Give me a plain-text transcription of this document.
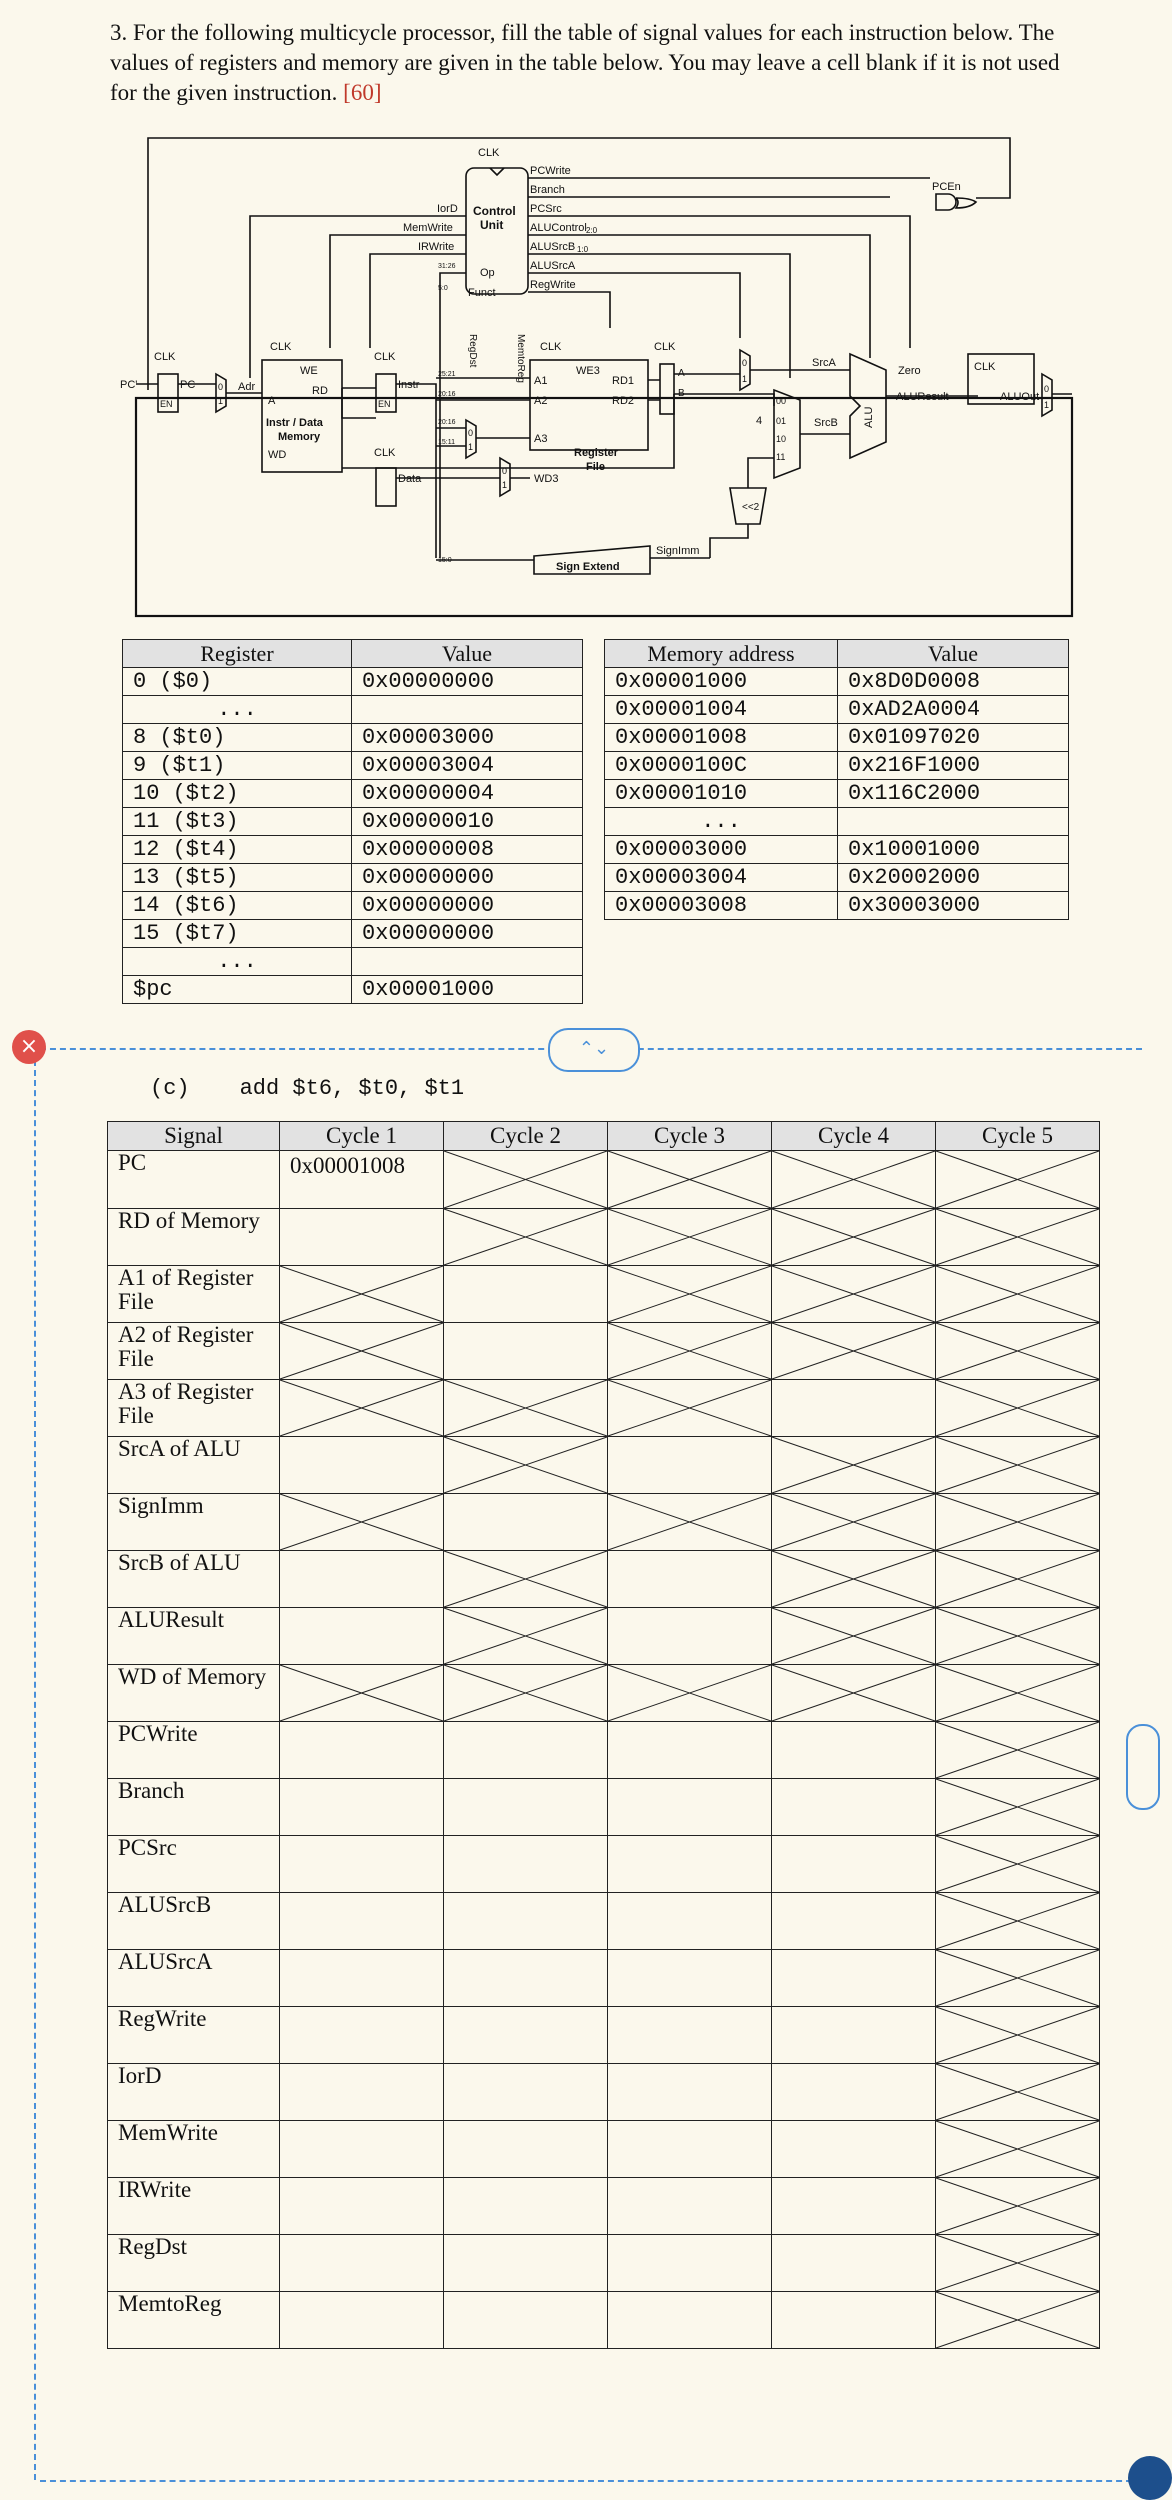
3. For the following multicycle processor, fill the table of signal values for each instruction below. The values of registers and memory are given in the table below. You may leave a cell blank if it is not used for the given instruction. [60]
Control
Unit
Op
Funct
CLK
PCWrite
Branch
PCSrc
ALUControl 2:0
ALUSrcB 1:0
ALUSrcA
RegWrite
IorD
MemWrite
IRWrite
PCEn
CLK
EN
PC'	PC	0
1
Adr
CLK
WE
RD
A
WD
Instr / Data
Memory
CLK
EN
Instr
CLK
Data
31:26
5:0
25:21
20:16
20:16
15:11
15:0
0
1
RegDst	MemtoReg
0
1
CLK
WE3
A1
A2
A3
RD1
RD2
WD3
Register
File
CLK
A
B
0
1
SrcA
00
01
10
11
4	SrcB
<<2
ALU
Zero
ALUResult
CLK
ALUOut
0
1
Sign Extend
SignImm
Register	Value
0 ($0)	0x00000000
...	
8 ($t0)	0x00003000
9 ($t1)	0x00003004
10 ($t2)	0x00000004
11 ($t3)	0x00000010
12 ($t4)	0x00000008
13 ($t5)	0x00000000
14 ($t6)	0x00000000
15 ($t7)	0x00000000
...	
$pc	0x00001000
Memory address	Value
0x00001000	0x8D0D0008
0x00001004	0xAD2A0004
0x00001008	0x01097020
0x0000100C	0x216F1000
0x00001010	0x116C2000
...	
0x00003000	0x10001000
0x00003004	0x20002000
0x00003008	0x30003000
×	⌃⌄
(c) add $t6, $t0, $t1
Signal	Cycle 1	Cycle 2	Cycle 3	Cycle 4	Cycle 5
PC	0x00001008

RD of Memory	

A1 of Register File	

A2 of Register File	

A3 of Register File	

SrcA of ALU	

SignImm	

SrcB of ALU	

ALUResult	

WD of Memory	

PCWrite	

Branch	

PCSrc	

ALUSrcB	

ALUSrcA	

RegWrite	

IorD	

MemWrite	

IRWrite	

RegDst	

MemtoReg	
